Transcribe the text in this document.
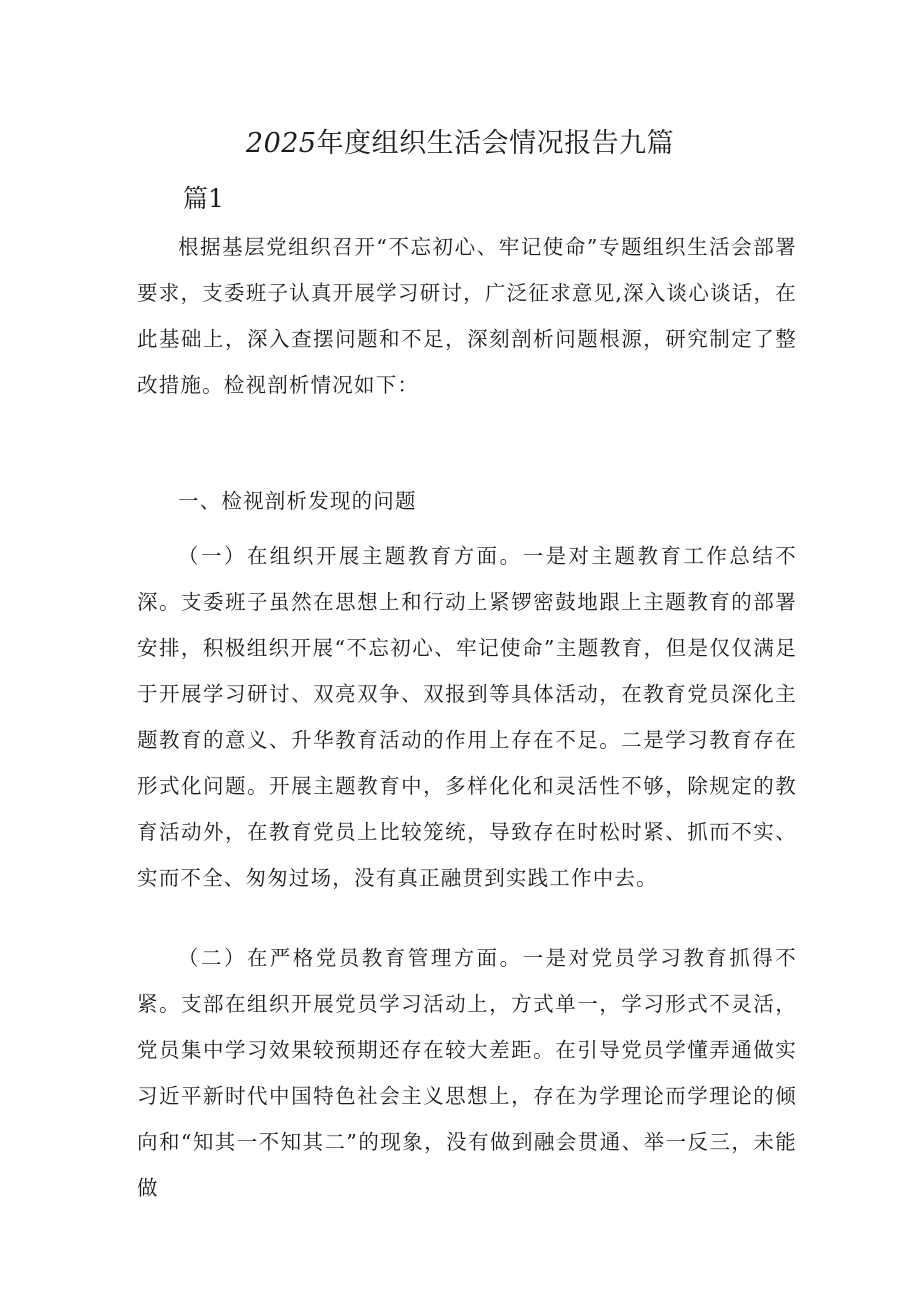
2025年度组织生活会情况报告九篇
篇1

根据基层党组织召开“不忘初心、牢记使命”专题组织生活会部署要求，支委班子认真开展学习研讨，广泛征求意见,深入谈心谈话，在此基础上，深入查摆问题和不足，深刻剖析问题根源，研究制定了整改措施。检视剖析情况如下：

一、检视剖析发现的问题

（一）在组织开展主题教育方面。一是对主题教育工作总结不深。支委班子虽然在思想上和行动上紧锣密鼓地跟上主题教育的部署安排，积极组织开展“不忘初心、牢记使命”主题教育，但是仅仅满足于开展学习研讨、双亮双争、双报到等具体活动，在教育党员深化主题教育的意义、升华教育活动的作用上存在不足。二是学习教育存在形式化问题。开展主题教育中，多样化化和灵活性不够，除规定的教育活动外，在教育党员上比较笼统，导致存在时松时紧、抓而不实、实而不全、匆匆过场，没有真正融贯到实践工作中去。

（二）在严格党员教育管理方面。一是对党员学习教育抓得不紧。支部在组织开展党员学习活动上，方式单一，学习形式不灵活，党员集中学习效果较预期还存在较大差距。在引导党员学懂弄通做实习近平新时代中国特色社会主义思想上，存在为学理论而学理论的倾向和“知其一不知其二”的现象，没有做到融会贯通、举一反三，未能做
